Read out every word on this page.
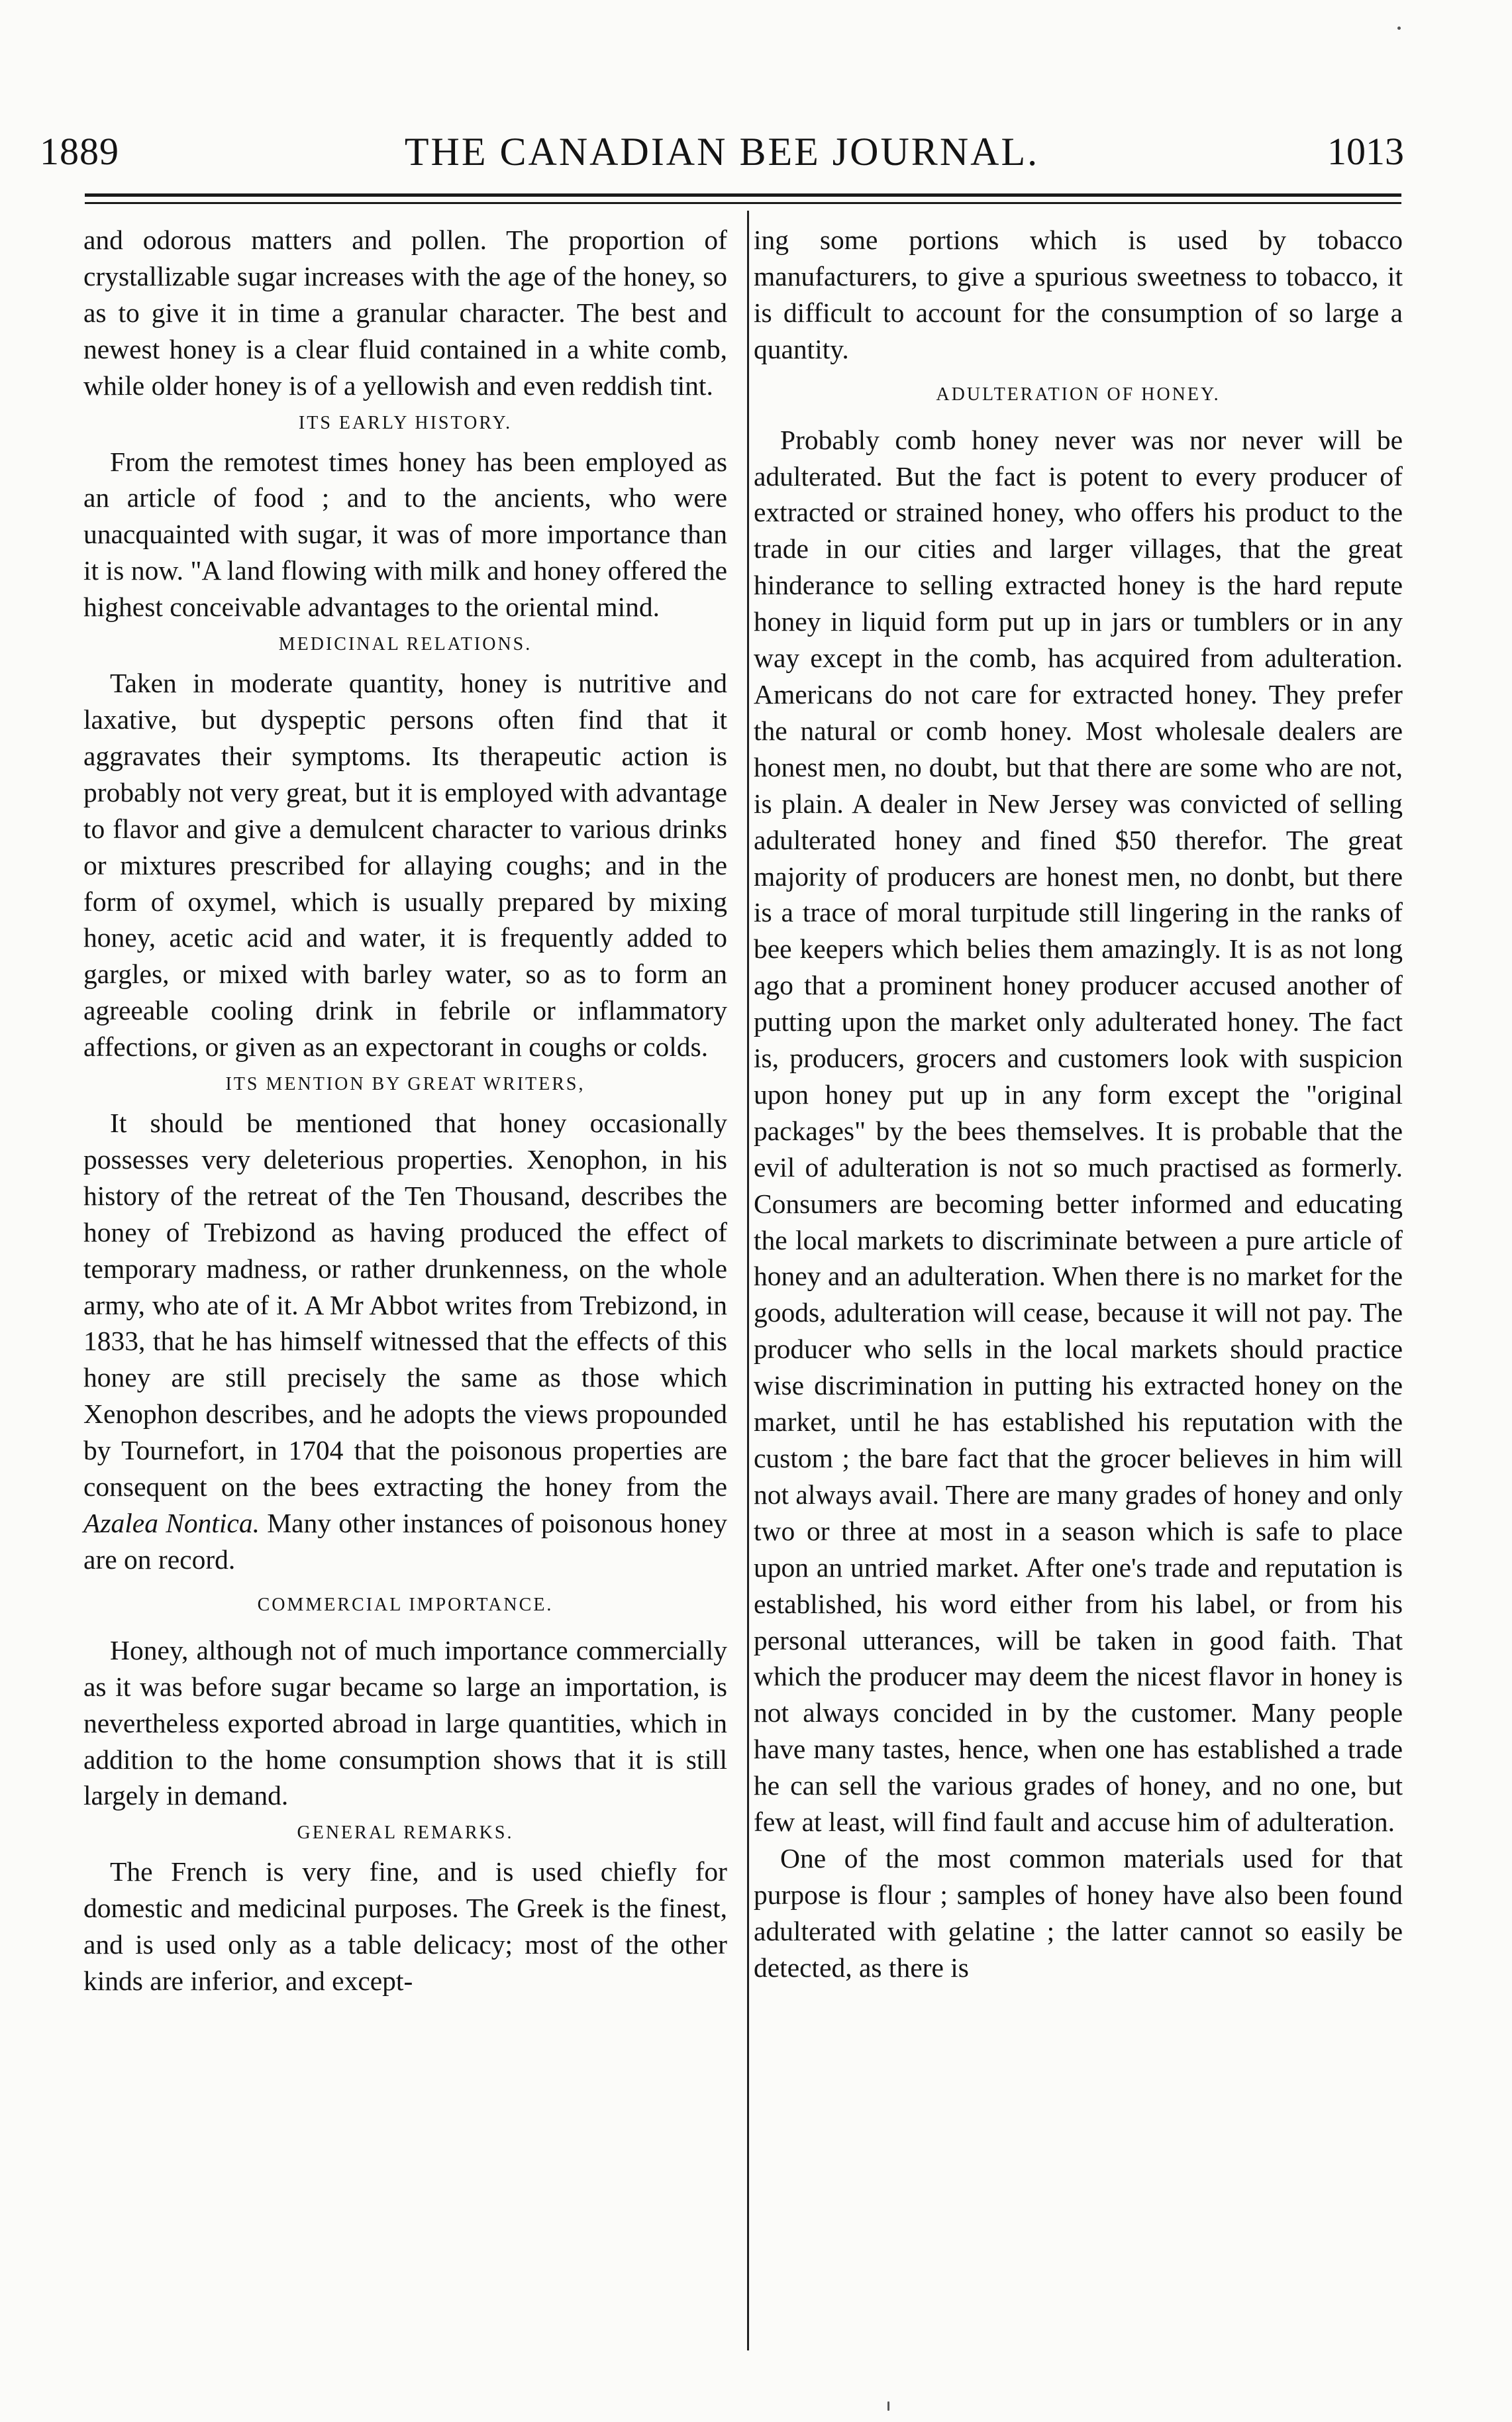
1889	THE CANADIAN BEE JOURNAL.	1013

and odorous matters and pollen. The proportion of crystallizable sugar increases with the age of the honey, so as to give it in time a granular character. The best and newest honey is a clear fluid contained in a white comb, while older honey is of a yellowish and even reddish tint.

ITS EARLY HISTORY.

From the remotest times honey has been employed as an article of food ; and to the ancients, who were unacquainted with sugar, it was of more importance than it is now. "A land flowing with milk and honey offered the highest conceivable advantages to the oriental mind.

MEDICINAL RELATIONS.

Taken in moderate quantity, honey is nutritive and laxative, but dyspeptic persons often find that it aggravates their symptoms. Its therapeutic action is probably not very great, but it is employed with advantage to flavor and give a demulcent character to various drinks or mixtures prescribed for allaying coughs; and in the form of oxymel, which is usually prepared by mixing honey, acetic acid and water, it is frequently added to gargles, or mixed with barley water, so as to form an agreeable cooling drink in febrile or inflammatory affections, or given as an expectorant in coughs or colds.

ITS MENTION BY GREAT WRITERS,

It should be mentioned that honey occasionally possesses very deleterious properties. Xenophon, in his history of the retreat of the Ten Thousand, describes the honey of Trebizond as having produced the effect of temporary madness, or rather drunkenness, on the whole army, who ate of it. A Mr Abbot writes from Trebizond, in 1833, that he has himself witnessed that the effects of this honey are still precisely the same as those which Xenophon describes, and he adopts the views propounded by Tournefort, in 1704 that the poisonous properties are consequent on the bees extracting the honey from the Azalea Nontica. Many other instances of poisonous honey are on record.

COMMERCIAL IMPORTANCE.

Honey, although not of much importance commercially as it was before sugar became so large an importation, is nevertheless exported abroad in large quantities, which in addition to the home consumption shows that it is still largely in demand.

GENERAL REMARKS.

The French is very fine, and is used chiefly for domestic and medicinal purposes. The Greek is the finest, and is used only as a table delicacy; most of the other kinds are inferior, and except-

ing some portions which is used by tobacco manufacturers, to give a spurious sweetness to tobacco, it is difficult to account for the consumption of so large a quantity.

ADULTERATION OF HONEY.

Probably comb honey never was nor never will be adulterated. But the fact is potent to every producer of extracted or strained honey, who offers his product to the trade in our cities and larger villages, that the great hinderance to selling extracted honey is the hard repute honey in liquid form put up in jars or tumblers or in any way except in the comb, has acquired from adulteration. Americans do not care for extracted honey. They prefer the natural or comb honey. Most wholesale dealers are honest men, no doubt, but that there are some who are not, is plain. A dealer in New Jersey was convicted of selling adulterated honey and fined $50 therefor. The great majority of producers are honest men, no donbt, but there is a trace of moral turpitude still lingering in the ranks of bee keepers which belies them amazingly. It is as not long ago that a prominent honey producer accused another of putting upon the market only adulterated honey. The fact is, producers, grocers and customers look with suspicion upon honey put up in any form except the "original packages" by the bees themselves. It is probable that the evil of adulteration is not so much practised as formerly. Consumers are becoming better informed and educating the local markets to discriminate between a pure article of honey and an adulteration. When there is no market for the goods, adulteration will cease, because it will not pay. The producer who sells in the local markets should practice wise discrimination in putting his extracted honey on the market, until he has established his reputation with the custom ; the bare fact that the grocer believes in him will not always avail. There are many grades of honey and only two or three at most in a season which is safe to place upon an untried market. After one's trade and reputation is established, his word either from his label, or from his personal utterances, will be taken in good faith. That which the producer may deem the nicest flavor in honey is not always concided in by the customer. Many people have many tastes, hence, when one has established a trade he can sell the various grades of honey, and no one, but few at least, will find fault and accuse him of adulteration.

One of the most common materials used for that purpose is flour ; samples of honey have also been found adulterated with gelatine ; the latter cannot so easily be detected, as there is
